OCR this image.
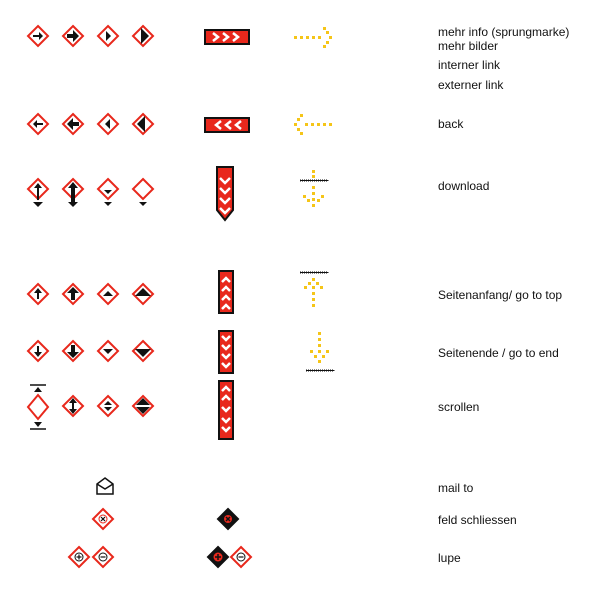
mehr info (sprungmarke)
mehr bilder
interner link
externer link
back
download
Seitenanfang/ go to top
Seitenende / go to end
scrollen
mail to
feld schliessen
lupe
